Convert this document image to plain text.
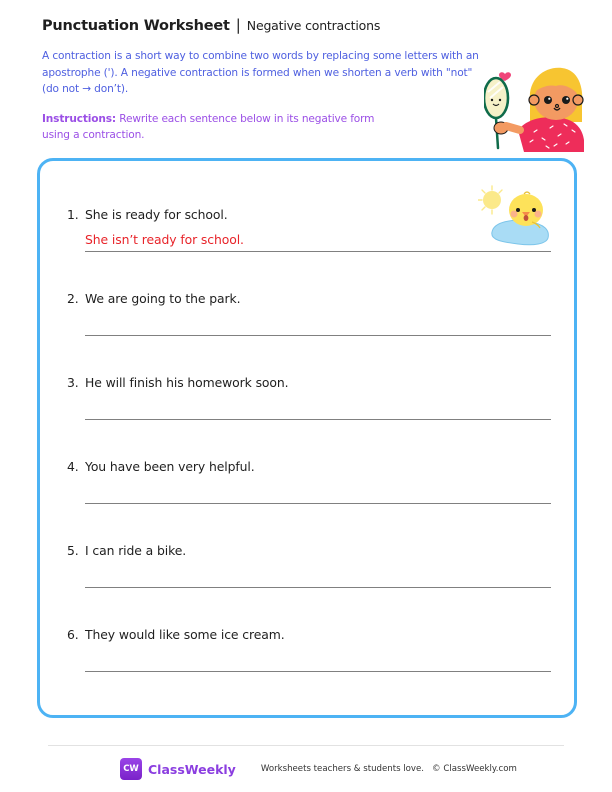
Punctuation Worksheet | Negative contractions

A contraction is a short way to combine two words by replacing some letters with an apostrophe ('). A negative contraction is formed when we shorten a verb with "not" (do not → don’t).

Instructions: Rewrite each sentence below in its negative form using a contraction.

1. She is ready for school.
She isn’t ready for school.
2. We are going to the park.
3. He will finish his homework soon.
4. You have been very helpful.
5. I can ride a bike.
6. They would like some ice cream.
CW ClassWeekly	Worksheets teachers & students love. © ClassWeekly.com
